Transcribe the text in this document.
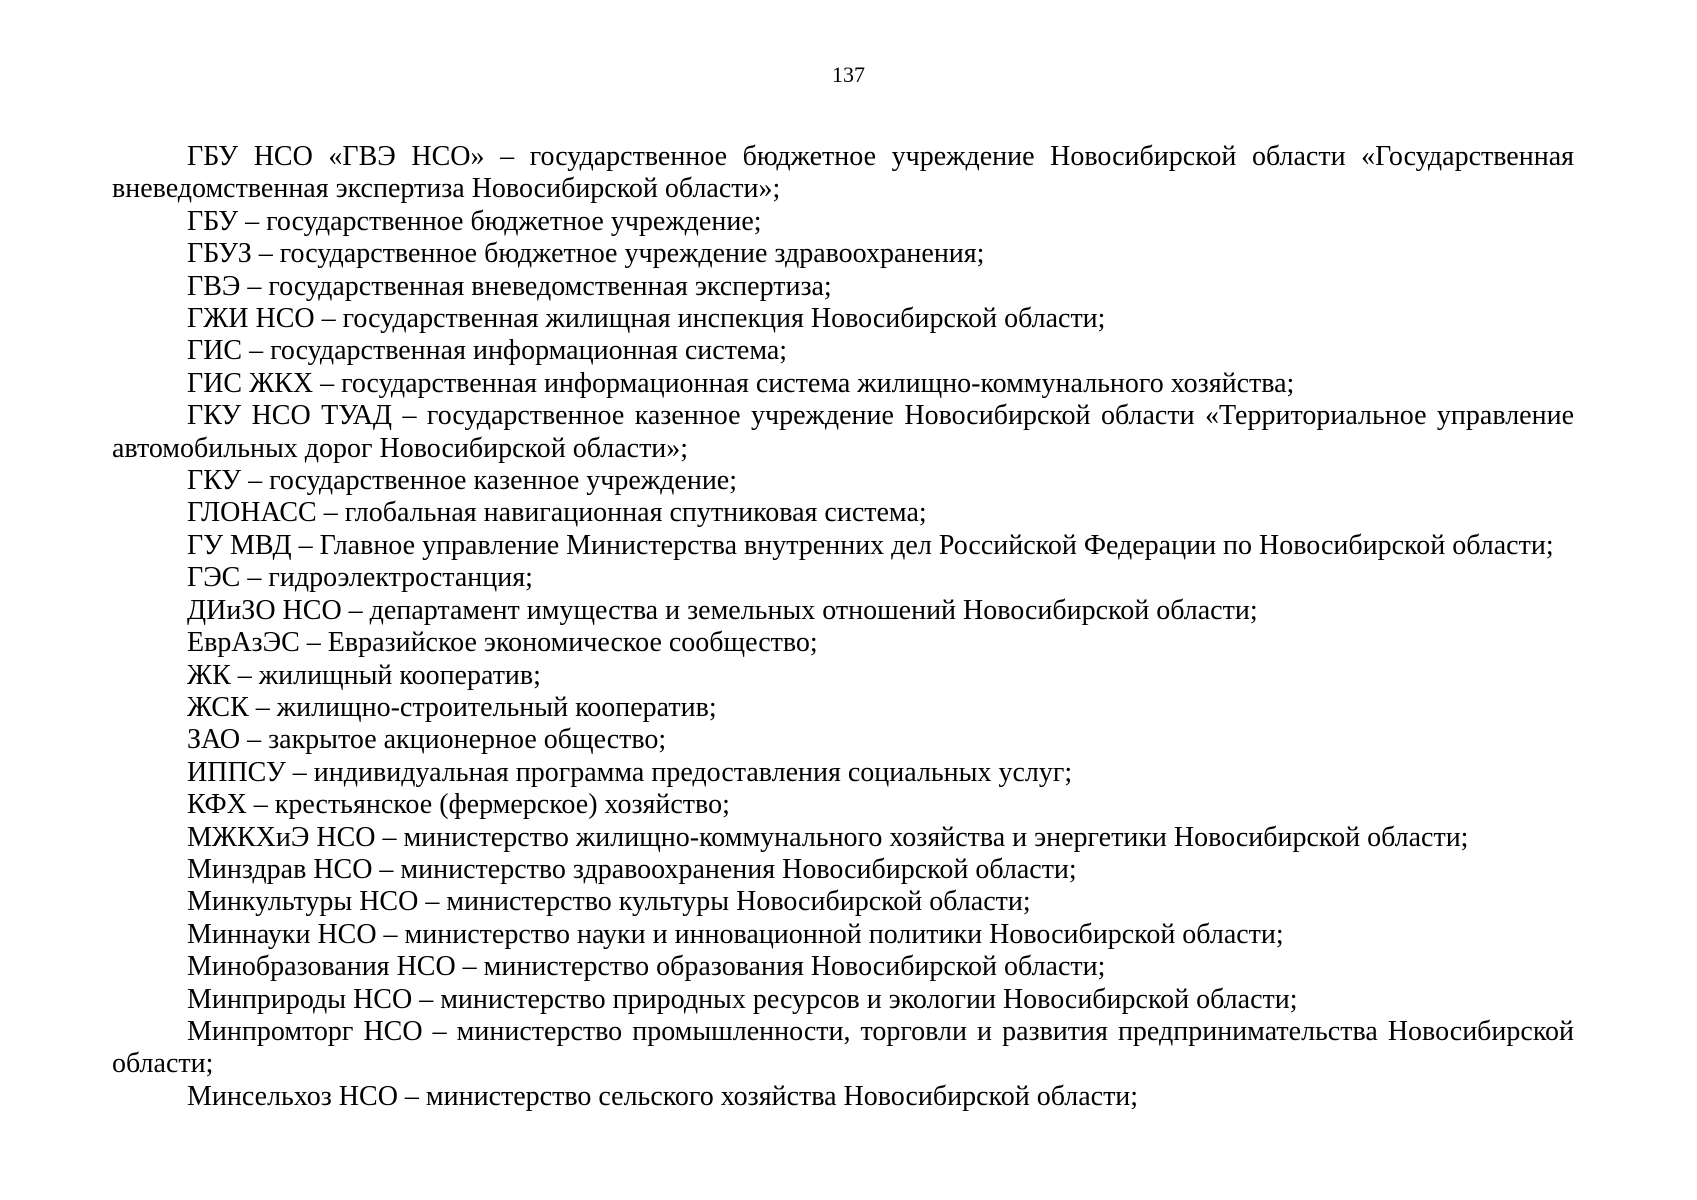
137

ГБУ НСО «ГВЭ НСО» – государственное бюджетное учреждение Новосибирской области «Государственная вневедомственная экспертиза Новосибирской области»;

ГБУ – государственное бюджетное учреждение;

ГБУЗ – государственное бюджетное учреждение здравоохранения;

ГВЭ – государственная вневедомственная экспертиза;

ГЖИ НСО – государственная жилищная инспекция Новосибирской области;

ГИС – государственная информационная система;

ГИС ЖКХ – государственная информационная система жилищно-коммунального хозяйства;

ГКУ НСО ТУАД – государственное казенное учреждение Новосибирской области «Территориальное управление автомобильных дорог Новосибирской области»;

ГКУ – государственное казенное учреждение;

ГЛОНАСС – глобальная навигационная спутниковая система;

ГУ МВД – Главное управление Министерства внутренних дел Российской Федерации по Новосибирской области;

ГЭС – гидроэлектростанция;

ДИиЗО НСО – департамент имущества и земельных отношений Новосибирской области;

ЕврАзЭС – Евразийское экономическое сообщество;

ЖК – жилищный кооператив;

ЖСК – жилищно-строительный кооператив;

ЗАО – закрытое акционерное общество;

ИППСУ – индивидуальная программа предоставления социальных услуг;

КФХ – крестьянское (фермерское) хозяйство;

МЖКХиЭ НСО – министерство жилищно-коммунального хозяйства и энергетики Новосибирской области;

Минздрав НСО – министерство здравоохранения Новосибирской области;

Минкультуры НСО – министерство культуры Новосибирской области;

Миннауки НСО – министерство науки и инновационной политики Новосибирской области;

Минобразования НСО – министерство образования Новосибирской области;

Минприроды НСО – министерство природных ресурсов и экологии Новосибирской области;

Минпромторг НСО – министерство промышленности, торговли и развития предпринимательства Новосибирской области;

Минсельхоз НСО – министерство сельского хозяйства Новосибирской области;
